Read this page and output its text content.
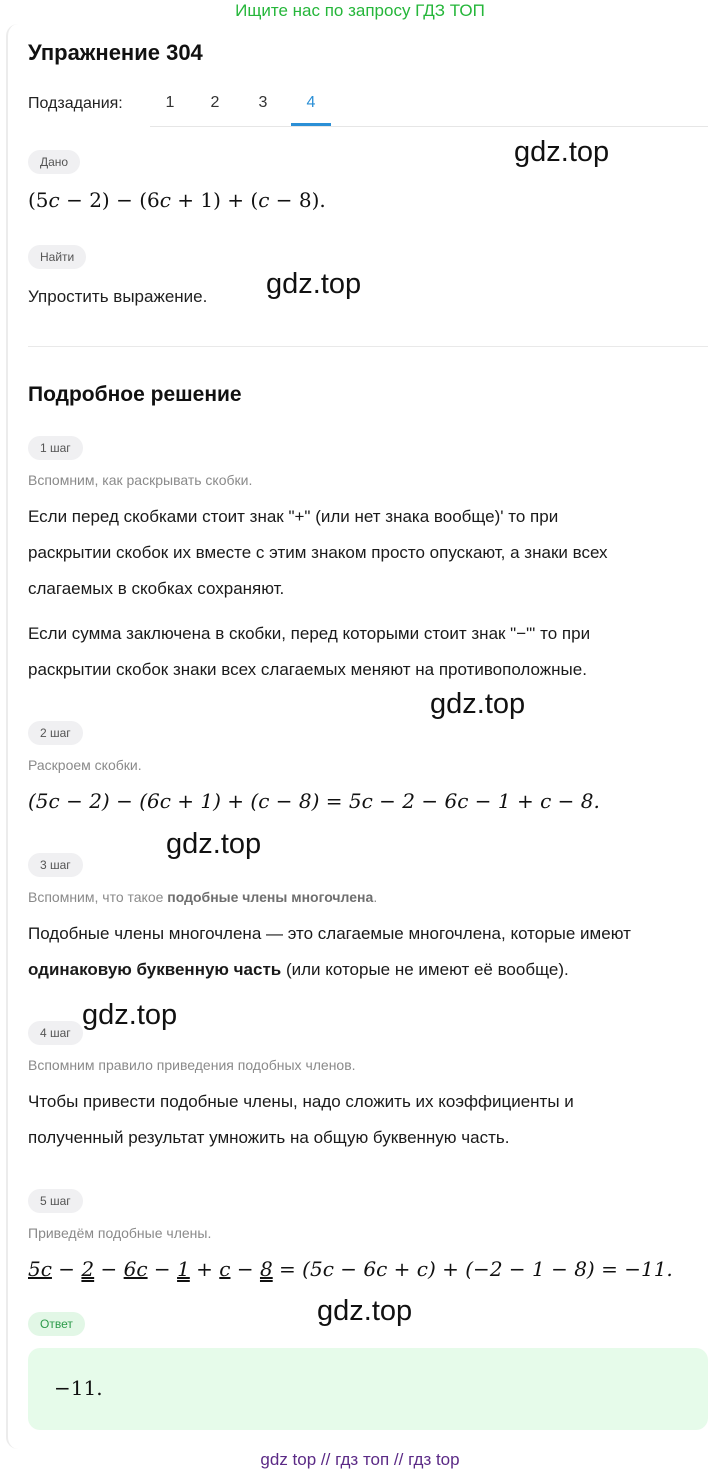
Ищите нас по запросу ГДЗ ТОП
Упражнение 304
Подзадания:	1	2	3	4
Дано
(5c − 2) − (6c + 1) + (c − 8).
gdz.top
Найти
Упростить выражение. gdz.top
Подробное решение
1 шаг
Вспомним, как раскрывать скобки.
Если перед скобками стоит знак "+" (или нет знака вообще)' то при
раскрытии скобок их вместе с этим знаком просто опускают, а знаки всех
слагаемых в скобках сохраняют.
Если сумма заключена в скобки, перед которыми стоит знак "−"' то при
раскрытии скобок знаки всех слагаемых меняют на противоположные.
gdz.top
2 шаг
Раскроем скобки.
(5c − 2) − (6c + 1) + (c − 8) = 5c − 2 − 6c − 1 + c − 8.
gdz.top
3 шаг
Вспомним, что такое подобные члены многочлена.
Подобные члены многочлена — это слагаемые многочлена, которые имеют
одинаковую буквенную часть (или которые не имеют её вообще).
gdz.top
4 шаг
Вспомним правило приведения подобных членов.
Чтобы привести подобные члены, надо сложить их коэффициенты и
полученный результат умножить на общую буквенную часть.
5 шаг
Приведём подобные члены.
5c − 2 − 6c − 1 + c − 8 = (5c − 6c + c) + (−2 − 1 − 8) = −11.
gdz.top
Ответ
−11.
gdz top // гдз топ // гдз top
